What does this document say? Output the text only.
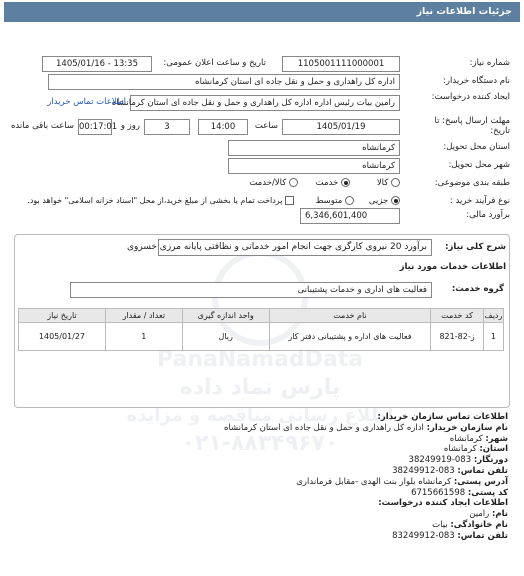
جزئیات اطلاعات نیاز
شماره نیاز:
1105001111000001
تاریخ و ساعت اعلان عمومی:
1405/01/16 - 13:35
نام دستگاه خریدار:
اداره کل راهداری و حمل و نقل جاده ای استان کرمانشاه
ایجاد کننده درخواست:
رامین بیات رئیس اداره اداره کل راهداری و حمل و نقل جاده ای استان کرمانشاه
اطلاعات تماس خریدار
مهلت ارسال پاسخ: تا تاریخ:
1405/01/19
ساعت
14:00
3
روز و
00:17:01
ساعت باقی مانده
استان محل تحویل:
کرمانشاه
شهر محل تحویل:
کرمانشاه
طبقه بندی موضوعی:
کالا
خدمت
کالا/خدمت
نوع فرآیند خرید :
جزیی
متوسط
پرداخت تمام یا بخشی از مبلغ خرید،از محل "اسناد خزانه اسلامی" خواهد بود.
برآورد مالی:
6,346,601,400
اطلاع رسانی مناقصه و مزایده
۰۲۱-۸۸۳۴۹۶۷۰
شرح کلی نیاز:
برآورد 20 نیروی کارگری جهت انجام امور خدماتی و نظافتی پایانه مرزی خسروی
اطلاعات خدمات مورد نیاز
گروه خدمت:
فعالیت های اداری و خدمات پشتیبانی
ردیف	کد خدمت	نام خدمت	واحد اندازه گیری	تعداد / مقدار	تاریخ نیاز
1	ز-82-821	فعالیت های اداره و پشتیبانی دفتر کار	ریال	1	1405/01/27
اطلاعات تماس سازمان خریدار:
نام سازمان خریدار: اداره کل راهداری و حمل و نقل جاده ای استان کرمانشاه
شهر: کرمانشاه
استان: کرمانشاه
دورنگار: 083-38249919
تلفن تماس: 083-38249912
آدرس پستی: کرمانشاه بلوار بنت الهدی -مقابل فرمانداری
کد پستی: 6715661598
اطلاعات ایجاد کننده درخواست:
نام: رامین
نام خانوادگی: بیات
تلفن تماس: 083-83249912
